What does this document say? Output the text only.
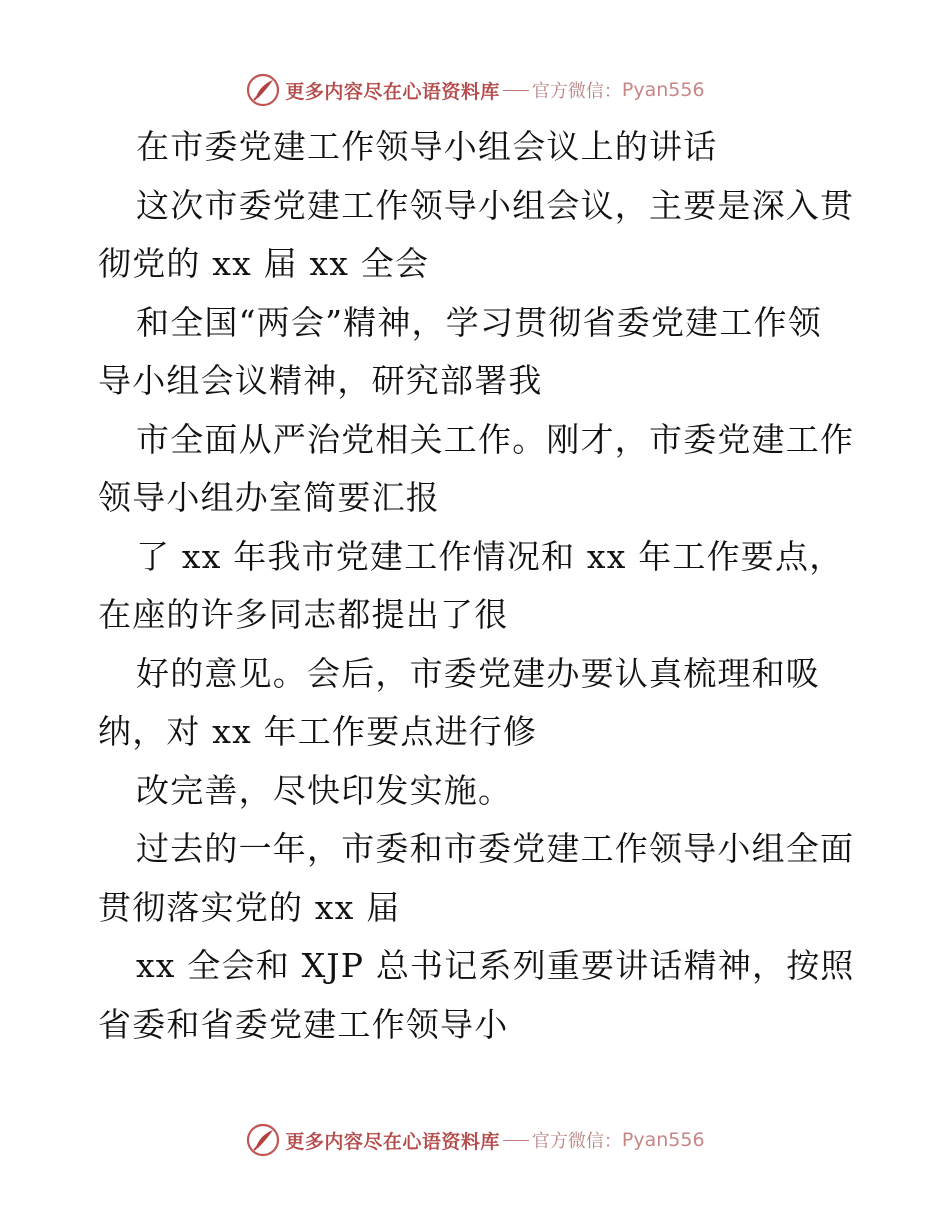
更多内容尽在心语资料库 官方微信： Pyan556
在市委党建工作领导小组会议上的讲话
这次市委党建工作领导小组会议，主要是深入贯
彻党的 xx 届 xx 全会
和全国“两会”精神，学习贯彻省委党建工作领
导小组会议精神，研究部署我
市全面从严治党相关工作。刚才，市委党建工作
领导小组办室简要汇报
了 xx 年我市党建工作情况和 xx 年工作要点，
在座的许多同志都提出了很
好的意见。会后，市委党建办要认真梳理和吸
纳，对 xx 年工作要点进行修
改完善，尽快印发实施。
过去的一年，市委和市委党建工作领导小组全面
贯彻落实党的 xx 届
xx 全会和 XJP 总书记系列重要讲话精神，按照
省委和省委党建工作领导小
更多内容尽在心语资料库 官方微信： Pyan556
